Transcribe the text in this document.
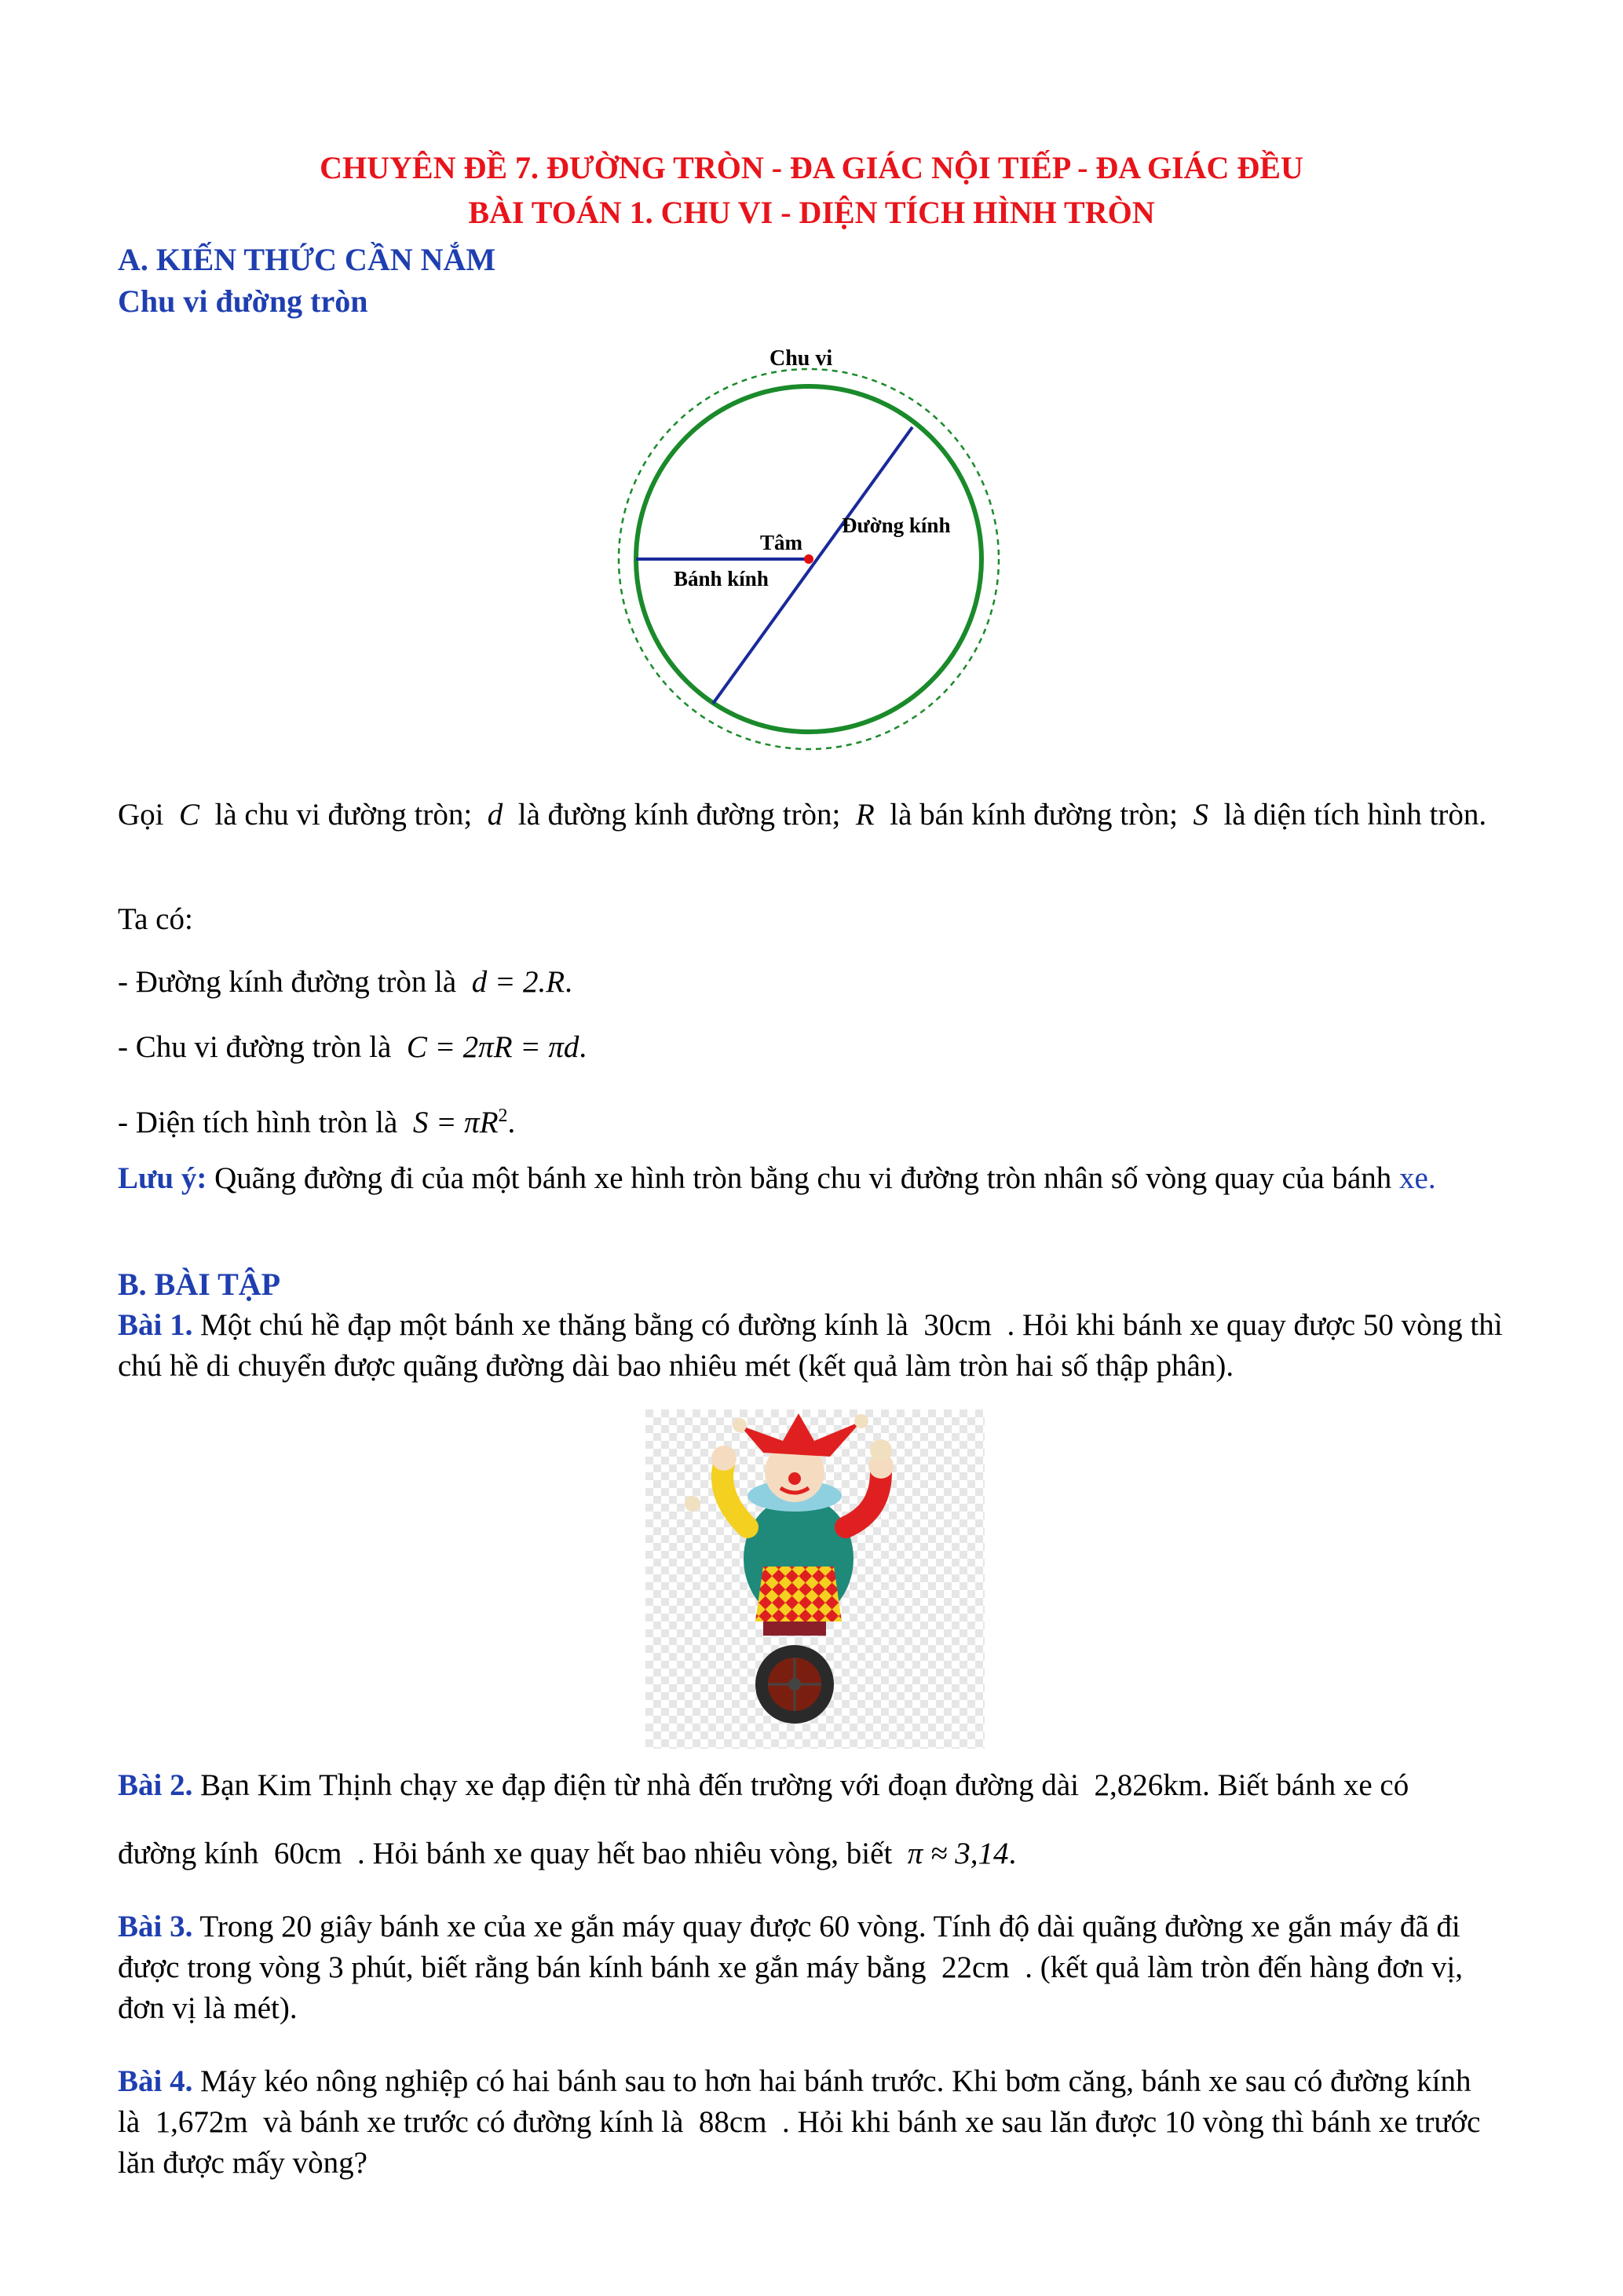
CHUYÊN ĐỀ 7. ĐƯỜNG TRÒN - ĐA GIÁC NỘI TIẾP - ĐA GIÁC ĐỀU
BÀI TOÁN 1. CHU VI - DIỆN TÍCH HÌNH TRÒN
A. KIẾN THỨC CẦN NẮM
Chu vi đường tròn
Chu vi
Tâm
Đường kính
Bánh kính
Gọi C là chu vi đường tròn; d là đường kính đường tròn; R là bán kính đường tròn; S là diện tích hình tròn.
Ta có:
- Đường kính đường tròn là d = 2.R.
- Chu vi đường tròn là C = 2πR = πd.
- Diện tích hình tròn là $S = \pi R^2$.
Lưu ý: Quãng đường đi của một bánh xe hình tròn bằng chu vi đường tròn nhân số vòng quay của bánh xe.
B. BÀI TẬP
Bài 1. Một chú hề đạp một bánh xe thăng bằng có đường kính là 30cm . Hỏi khi bánh xe quay được 50 vòng thì chú hề di chuyển được quãng đường dài bao nhiêu mét (kết quả làm tròn hai số thập phân).
Bài 2. Bạn Kim Thịnh chạy xe đạp điện từ nhà đến trường với đoạn đường dài 2,826km. Biết bánh xe có
đường kính 60cm . Hỏi bánh xe quay hết bao nhiêu vòng, biết π ≈ 3,14.
Bài 3. Trong 20 giây bánh xe của xe gắn máy quay được 60 vòng. Tính độ dài quãng đường xe gắn máy đã đi được trong vòng 3 phút, biết rằng bán kính bánh xe gắn máy bằng 22cm . (kết quả làm tròn đến hàng đơn vị, đơn vị là mét).
Bài 4. Máy kéo nông nghiệp có hai bánh sau to hơn hai bánh trước. Khi bơm căng, bánh xe sau có đường kính là 1,672m và bánh xe trước có đường kính là 88cm . Hỏi khi bánh xe sau lăn được 10 vòng thì bánh xe trước lăn được mấy vòng?
